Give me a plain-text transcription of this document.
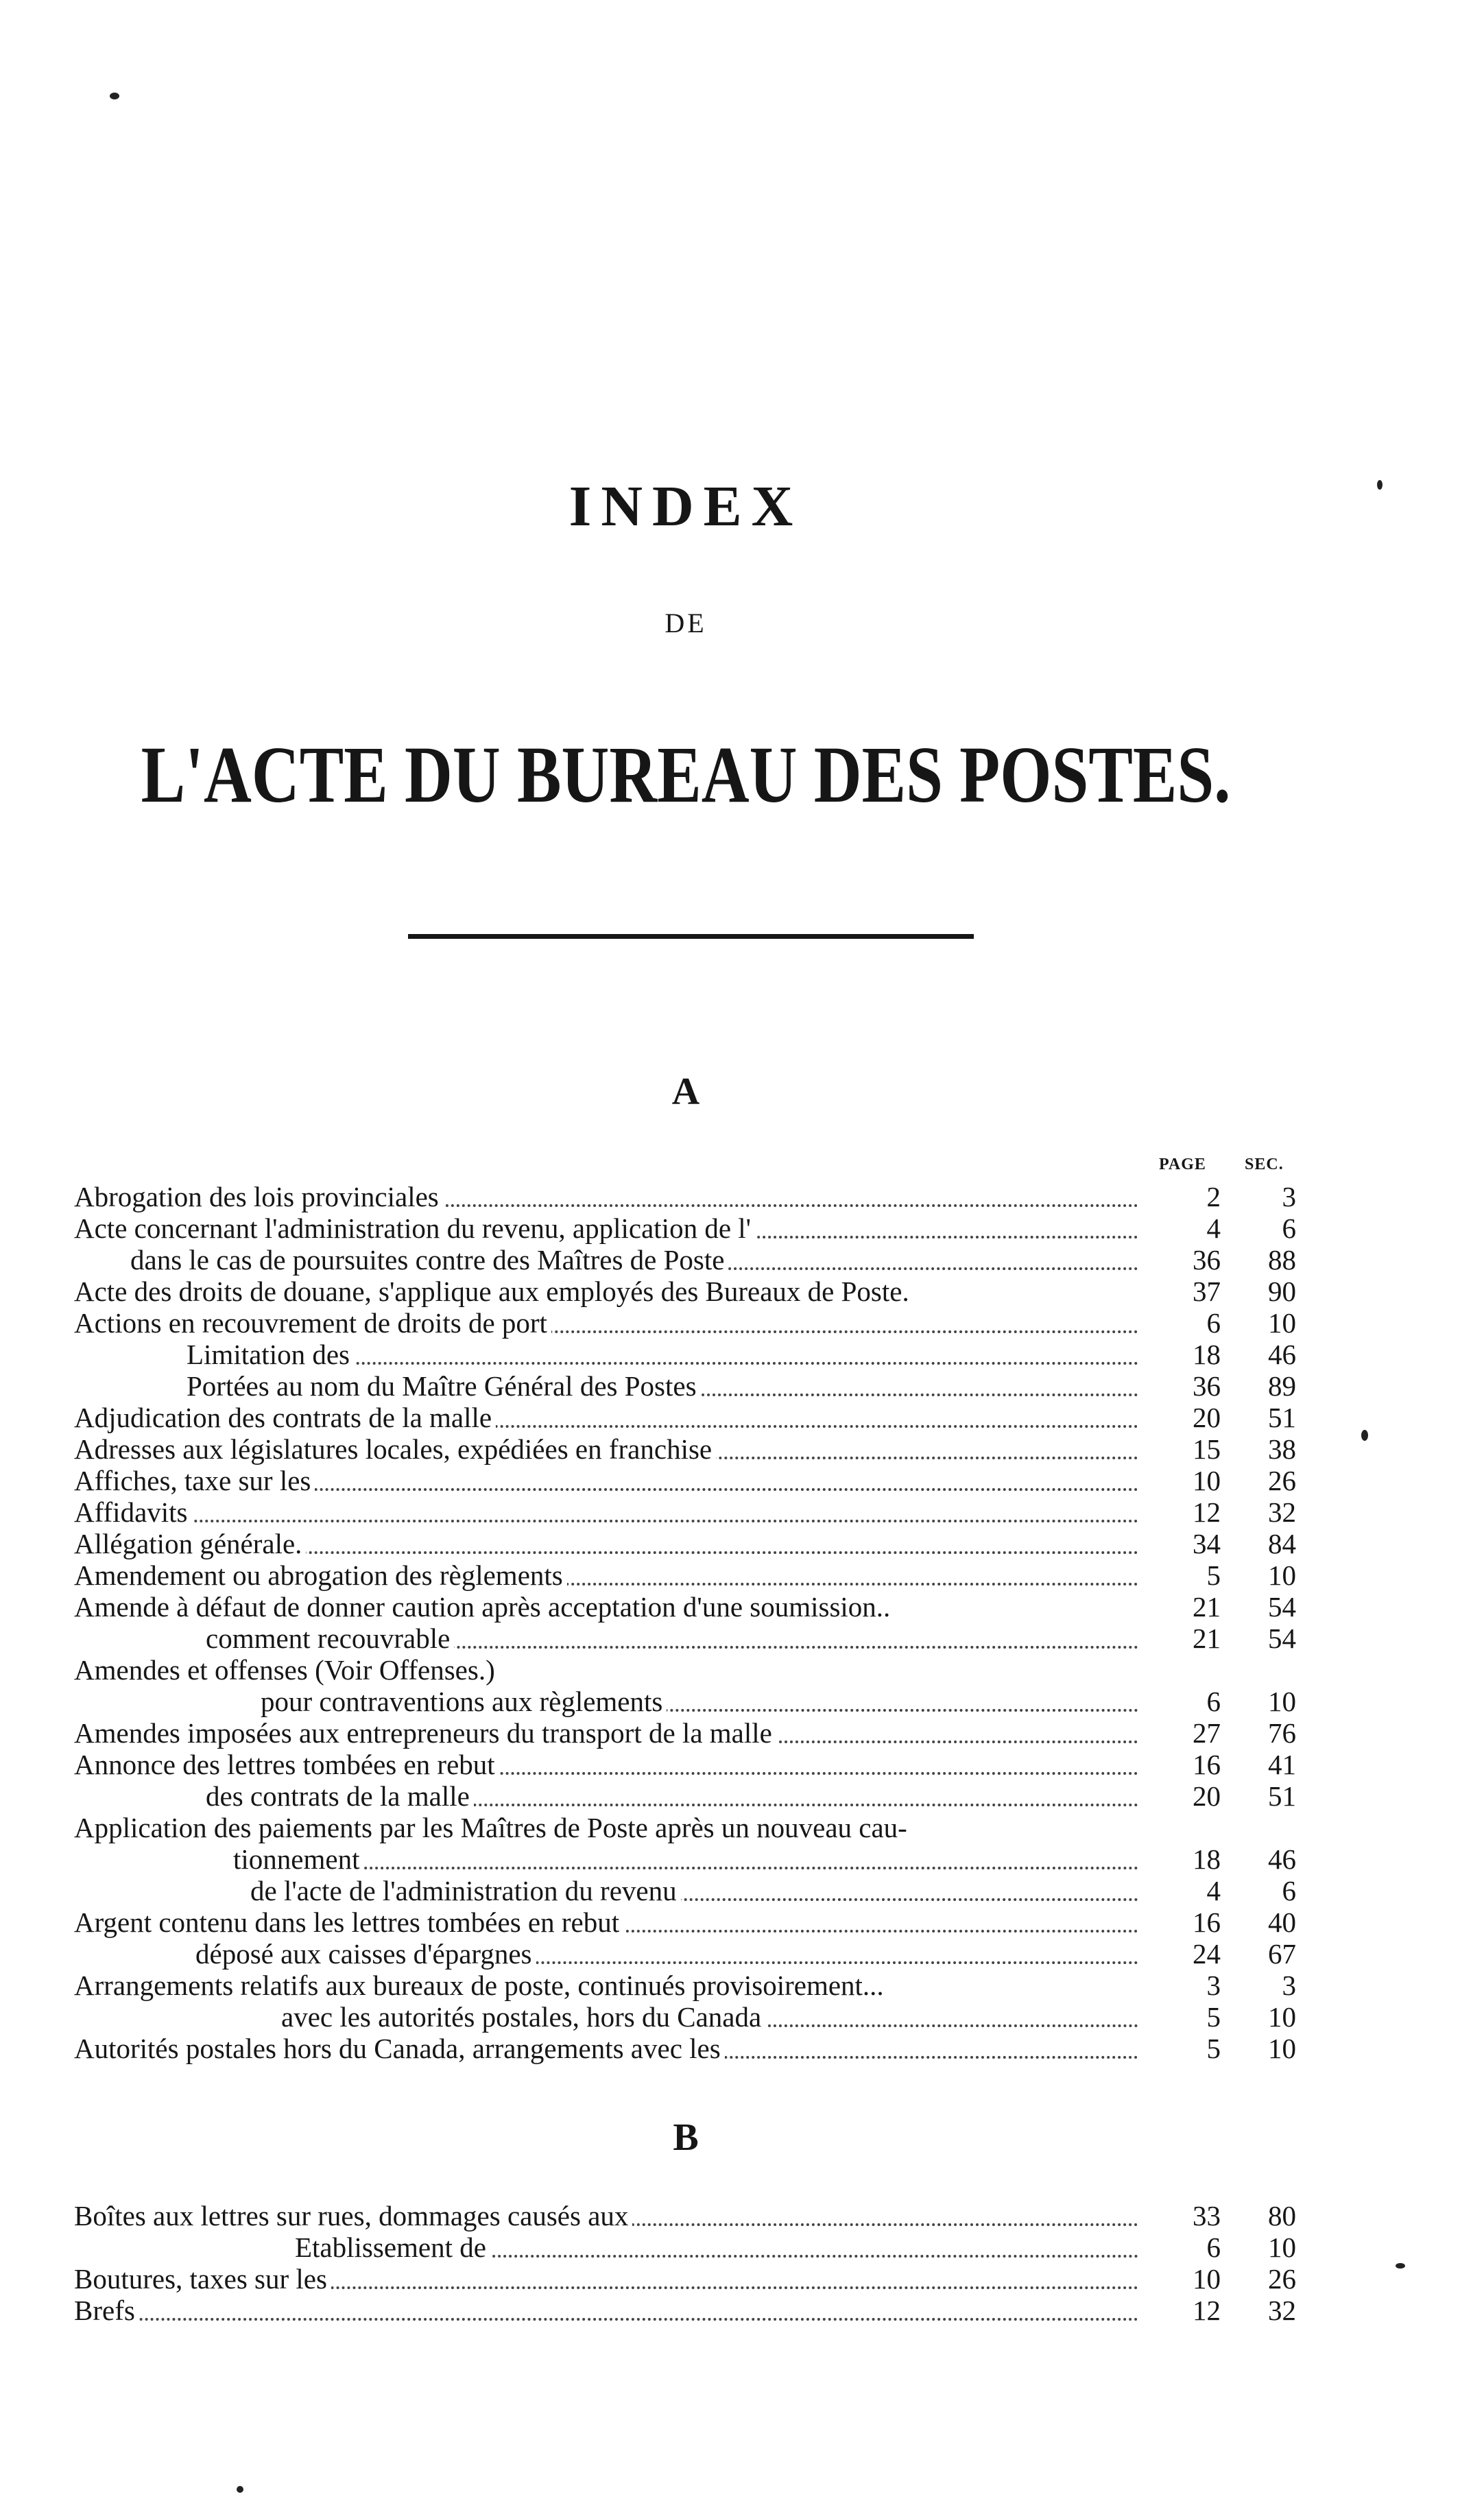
INDEX
DE
L'ACTE DU BUREAU DES POSTES.
A
PAGE SEC.
Abrogation des lois provinciales	2	3
Acte concernant l'administration du revenu, application de l'	4	6
dans le cas de poursuites contre des Maîtres de Poste	36	88
Acte des droits de douane, s'applique aux employés des Bureaux de Poste.	37	90
Actions en recouvrement de droits de port	6	10
Limitation des	18	46
Portées au nom du Maître Général des Postes	36	89
Adjudication des contrats de la malle	20	51
Adresses aux législatures locales, expédiées en franchise	15	38
Affiches, taxe sur les	10	26
Affidavits	12	32
Allégation générale.	34	84
Amendement ou abrogation des règlements	5	10
Amende à défaut de donner caution après acceptation d'une soumission..	21	54
comment recouvrable	21	54
Amendes et offenses (Voir Offenses.)
pour contraventions aux règlements	6	10
Amendes imposées aux entrepreneurs du transport de la malle	27	76
Annonce des lettres tombées en rebut	16	41
des contrats de la malle	20	51
Application des paiements par les Maîtres de Poste après un nouveau cau-
tionnement	18	46
de l'acte de l'administration du revenu	4	6
Argent contenu dans les lettres tombées en rebut	16	40
déposé aux caisses d'épargnes	24	67
Arrangements relatifs aux bureaux de poste, continués provisoirement...	3	3
avec les autorités postales, hors du Canada	5	10
Autorités postales hors du Canada, arrangements avec les	5	10
B
Boîtes aux lettres sur rues, dommages causés aux	33	80
Etablissement de	6	10
Boutures, taxes sur les	10	26
Brefs	12	32
